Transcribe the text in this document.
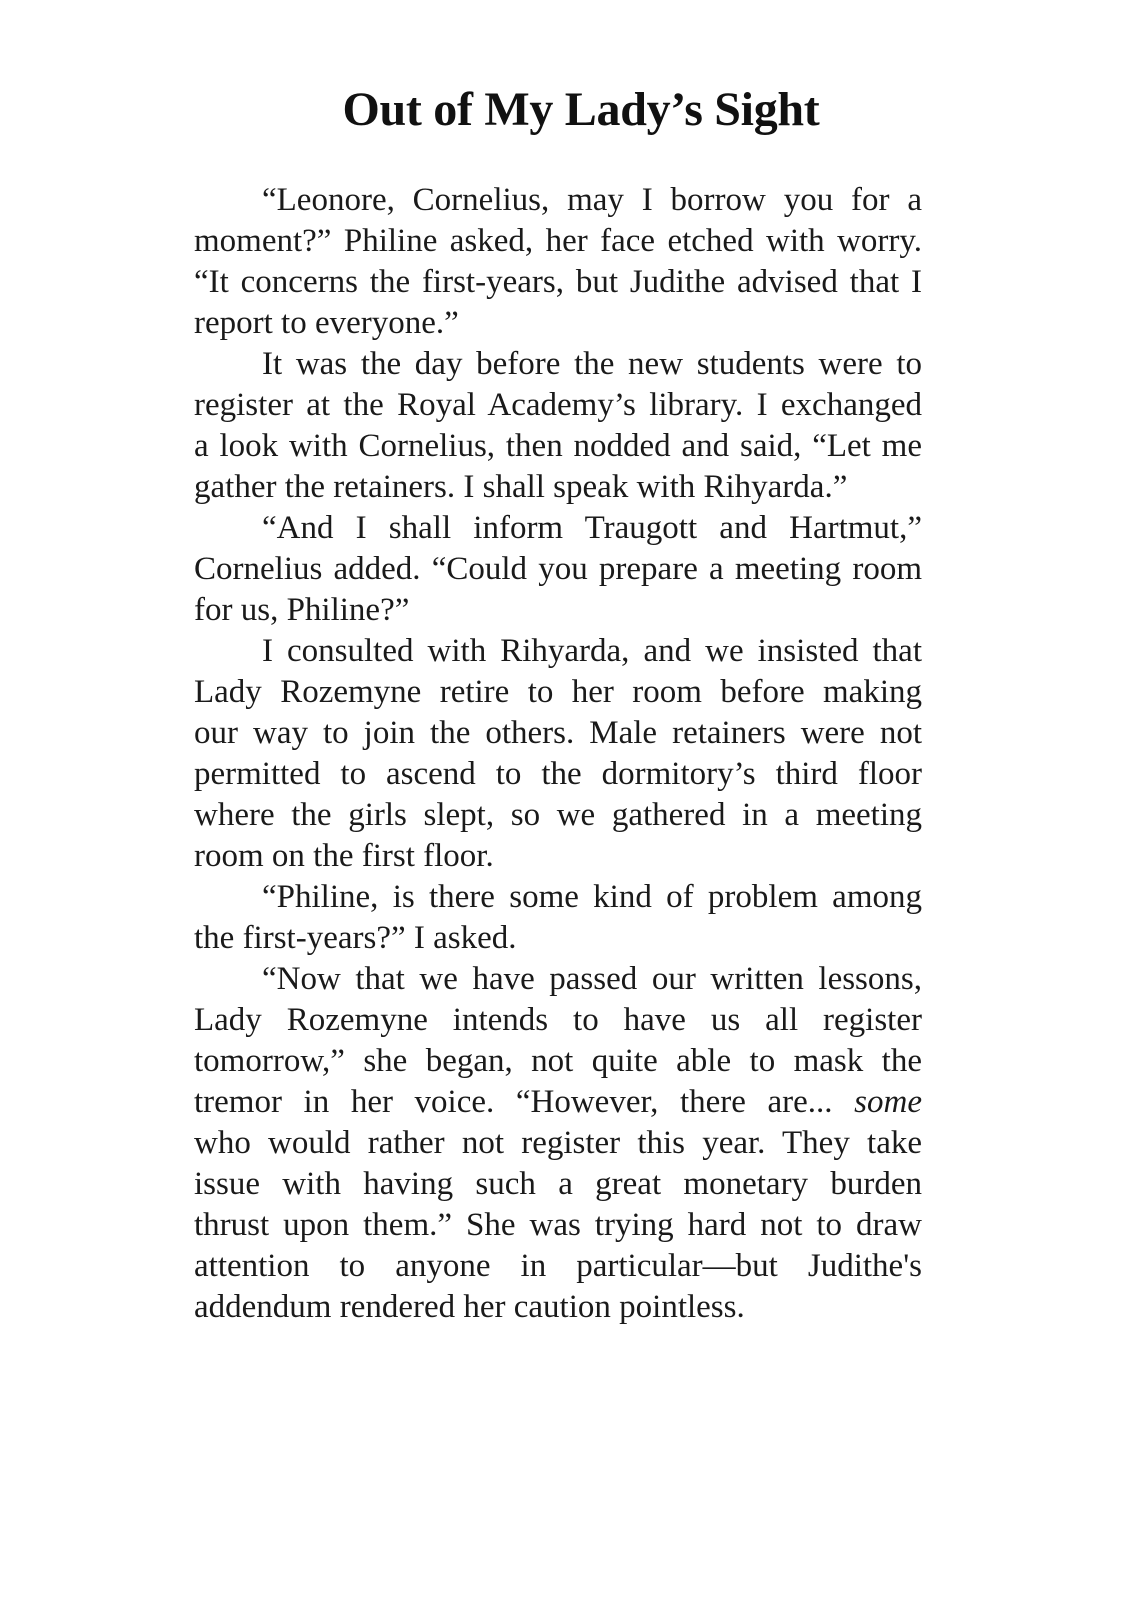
Out of My Lady’s Sight
“Leonore, Cornelius, may I borrow you for a
moment?” Philine asked, her face etched with worry.
“It concerns the first-years, but Judithe advised that I
report to everyone.”
It was the day before the new students were to
register at the Royal Academy’s library. I exchanged
a look with Cornelius, then nodded and said, “Let me
gather the retainers. I shall speak with Rihyarda.”
“And I shall inform Traugott and Hartmut,”
Cornelius added. “Could you prepare a meeting room
for us, Philine?”
I consulted with Rihyarda, and we insisted that
Lady Rozemyne retire to her room before making
our way to join the others. Male retainers were not
permitted to ascend to the dormitory’s third floor
where the girls slept, so we gathered in a meeting
room on the first floor.
“Philine, is there some kind of problem among
the first-years?” I asked.
“Now that we have passed our written lessons,
Lady Rozemyne intends to have us all register
tomorrow,” she began, not quite able to mask the
tremor in her voice. “However, there are... some
who would rather not register this year. They take
issue with having such a great monetary burden
thrust upon them.” She was trying hard not to draw
attention to anyone in particular—but Judithe's
addendum rendered her caution pointless.
